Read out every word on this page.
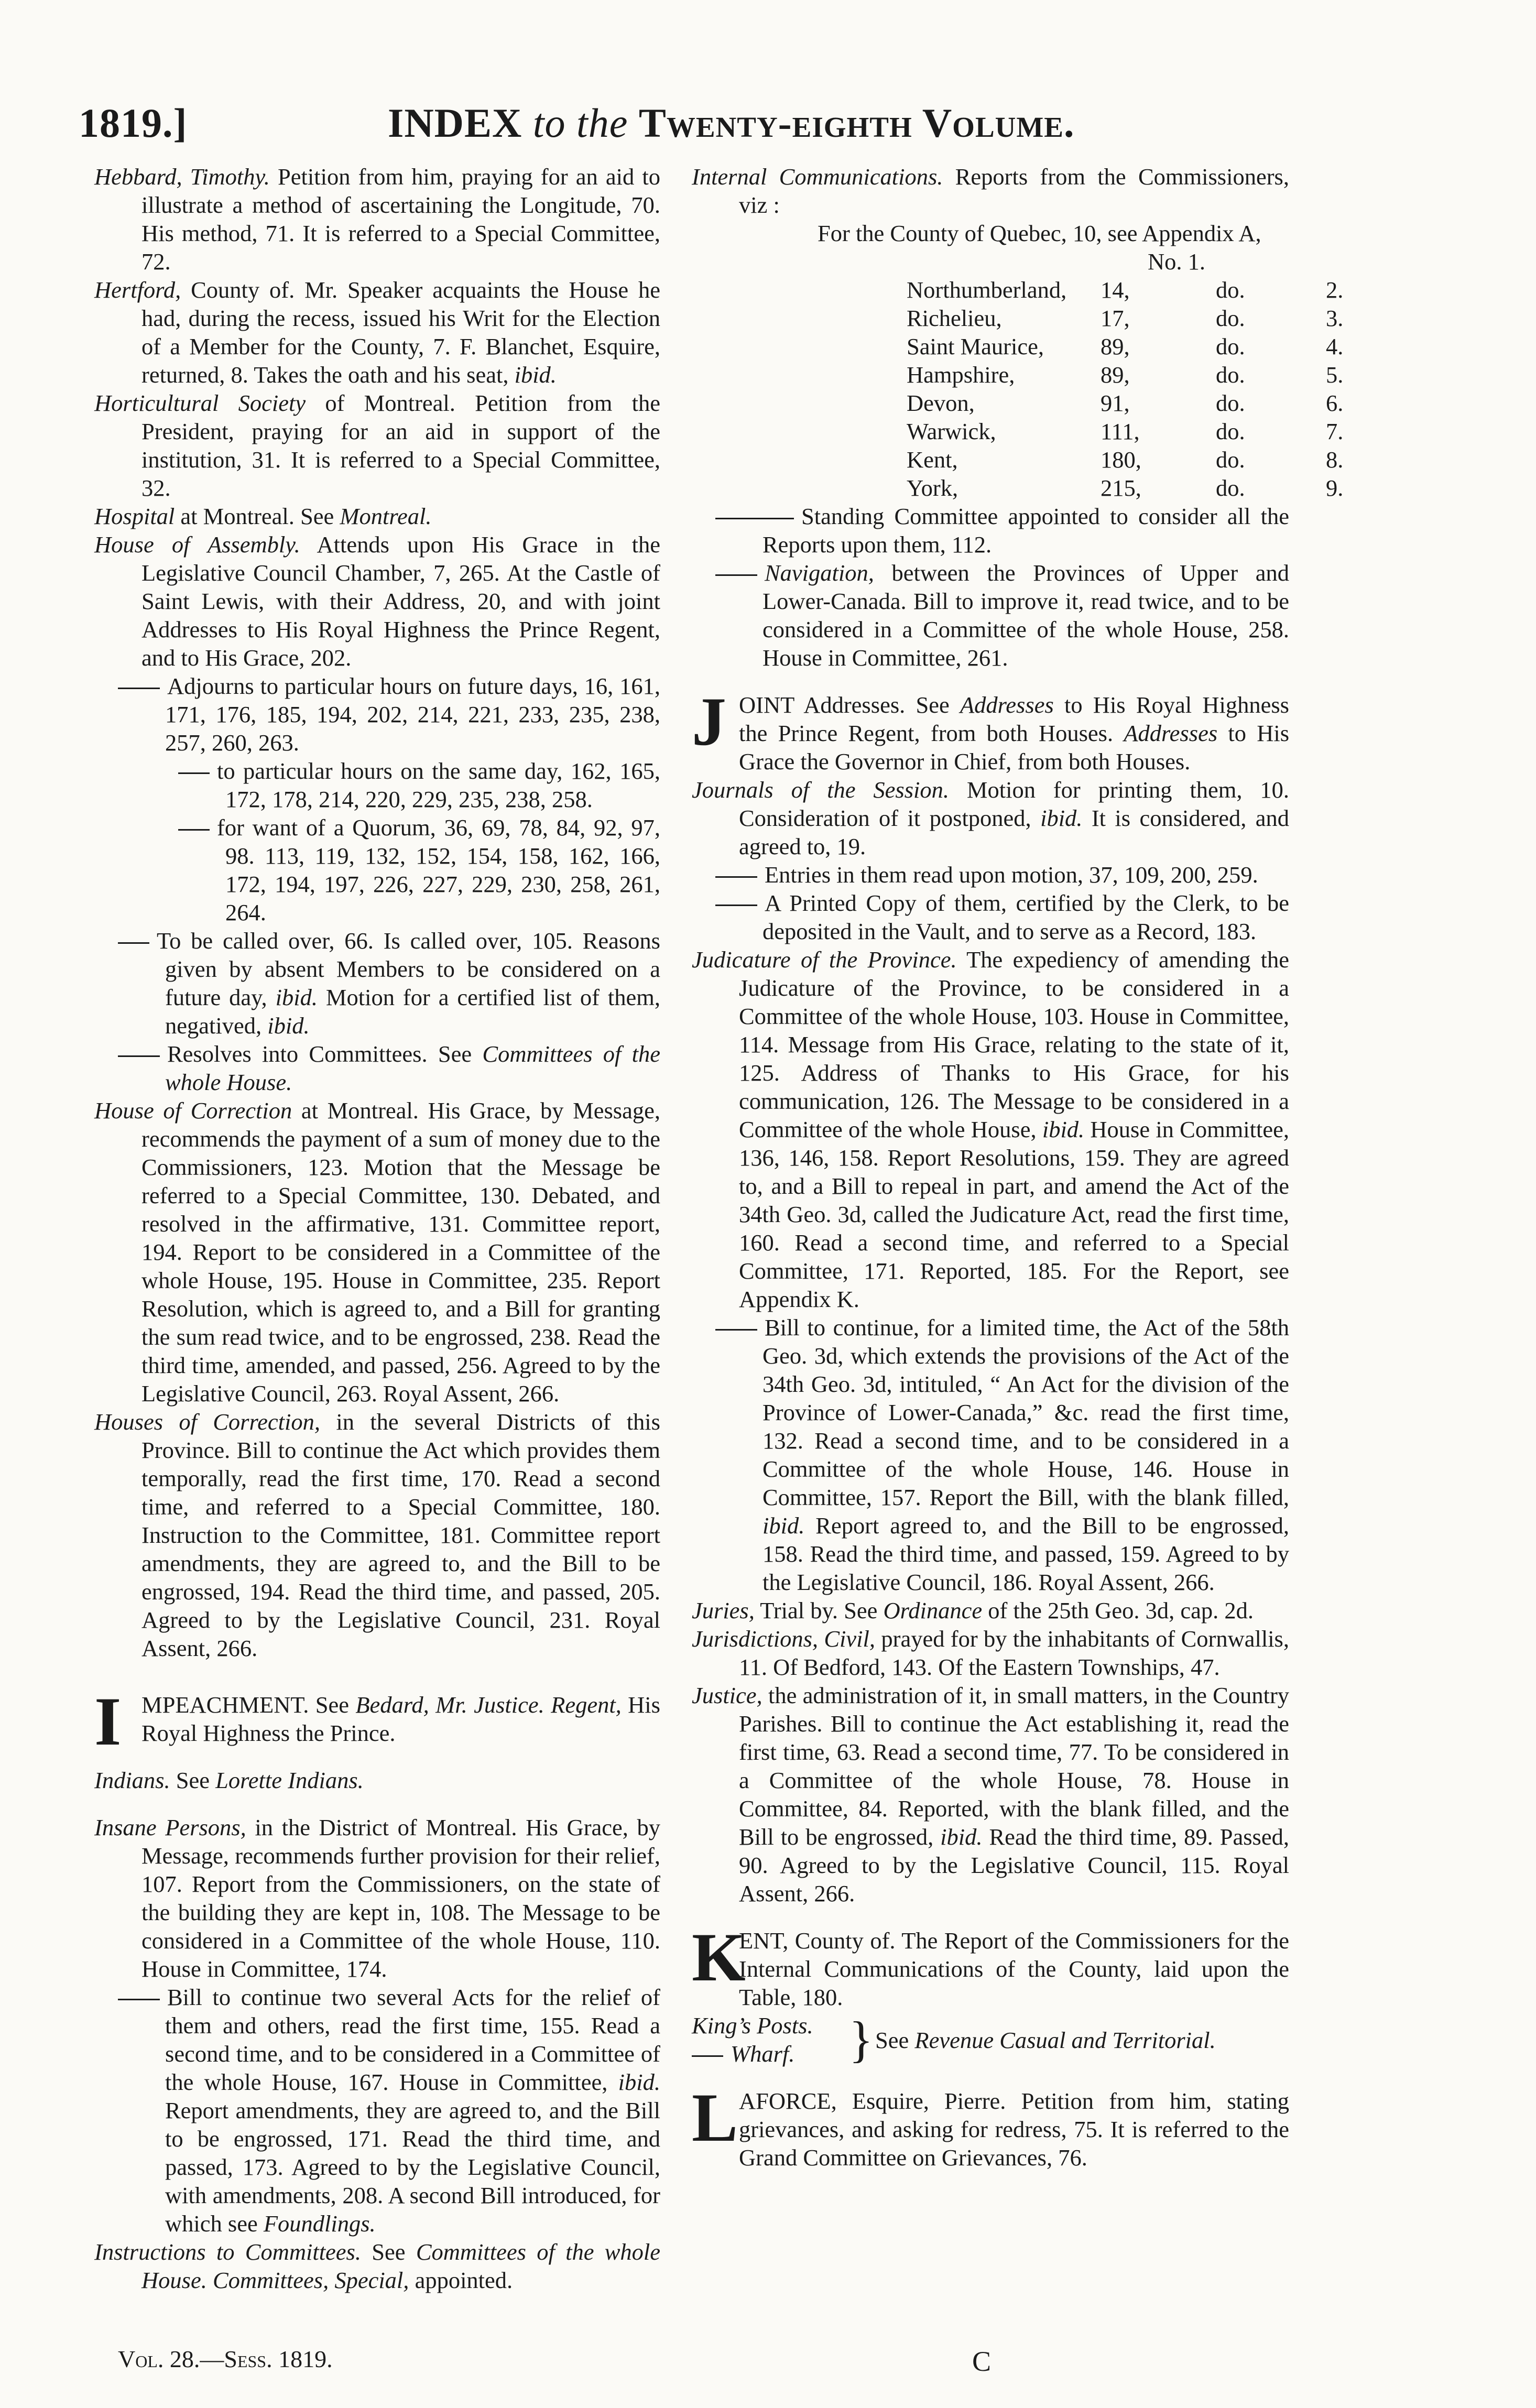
1819.]	INDEX to the Twenty-eighth Volume.
Hebbard, Timothy. Petition from him, praying for an aid to illustrate a method of ascertaining the Longitude, 70. His method, 71. It is referred to a Special Committee, 72.
Hertford, County of. Mr. Speaker acquaints the House he had, during the recess, issued his Writ for the Election of a Member for the County, 7. F. Blanchet, Esquire, returned, 8. Takes the oath and his seat, ibid.
Horticultural Society of Montreal. Petition from the President, praying for an aid in support of the institution, 31. It is referred to a Special Committee, 32.
Hospital at Montreal. See Montreal.
House of Assembly. Attends upon His Grace in the Legislative Council Chamber, 7, 265. At the Castle of Saint Lewis, with their Address, 20, and with joint Addresses to His Royal Highness the Prince Regent, and to His Grace, 202.
Adjourns to particular hours on future days, 16, 161, 171, 176, 185, 194, 202, 214, 221, 233, 235, 238, 257, 260, 263.
to particular hours on the same day, 162, 165, 172, 178, 214, 220, 229, 235, 238, 258.
for want of a Quorum, 36, 69, 78, 84, 92, 97, 98. 113, 119, 132, 152, 154, 158, 162, 166, 172, 194, 197, 226, 227, 229, 230, 258, 261, 264.
To be called over, 66. Is called over, 105. Reasons given by absent Members to be considered on a future day, ibid. Motion for a certified list of them, negatived, ibid.
Resolves into Committees. See Committees of the whole House.
House of Correction at Montreal. His Grace, by Message, recommends the payment of a sum of money due to the Commissioners, 123. Motion that the Message be referred to a Special Committee, 130. Debated, and resolved in the affirmative, 131. Committee report, 194. Report to be considered in a Committee of the whole House, 195. House in Committee, 235. Report Resolution, which is agreed to, and a Bill for granting the sum read twice, and to be engrossed, 238. Read the third time, amended, and passed, 256. Agreed to by the Legislative Council, 263. Royal Assent, 266.
Houses of Correction, in the several Districts of this Province. Bill to continue the Act which provides them temporally, read the first time, 170. Read a second time, and referred to a Special Committee, 180. Instruction to the Committee, 181. Committee report amendments, they are agreed to, and the Bill to be engrossed, 194. Read the third time, and passed, 205. Agreed to by the Legislative Council, 231. Royal Assent, 266.
I MPEACHMENT. See Bedard, Mr. Justice. Regent, His Royal Highness the Prince.
Indians. See Lorette Indians.
Insane Persons, in the District of Montreal. His Grace, by Message, recommends further provision for their relief, 107. Report from the Commissioners, on the state of the building they are kept in, 108. The Message to be considered in a Committee of the whole House, 110. House in Committee, 174.
Bill to continue two several Acts for the relief of them and others, read the first time, 155. Read a second time, and to be considered in a Committee of the whole House, 167. House in Committee, ibid. Report amendments, they are agreed to, and the Bill to be engrossed, 171. Read the third time, and passed, 173. Agreed to by the Legislative Council, with amendments, 208. A second Bill introduced, for which see Foundlings.
Instructions to Committees. See Committees of the whole House. Committees, Special, appointed.
Internal Communications. Reports from the Commissioners, viz :
For the County of Quebec, 10, see Appendix A,
No. 1.
Northumberland, 14,	do.	2.
Richelieu,	17,	do.	3.
Saint Maurice, 89,	do.	4.
Hampshire,	89,	do.	5.
Devon,	91,	do.	6.
Warwick,	111,	do.	7.
Kent,	180,	do.	8.
York,	215,	do.	9.
Standing Committee appointed to consider all the Reports upon them, 112.
Navigation, between the Provinces of Upper and Lower-Canada. Bill to improve it, read twice, and to be considered in a Committee of the whole House, 258. House in Committee, 261.
J OINT Addresses. See Addresses to His Royal Highness the Prince Regent, from both Houses. Addresses to His Grace the Governor in Chief, from both Houses.
Journals of the Session. Motion for printing them, 10. Consideration of it postponed, ibid. It is considered, and agreed to, 19.
Entries in them read upon motion, 37, 109, 200, 259.
A Printed Copy of them, certified by the Clerk, to be deposited in the Vault, and to serve as a Record, 183.
Judicature of the Province. The expediency of amending the Judicature of the Province, to be considered in a Committee of the whole House, 103. House in Committee, 114. Message from His Grace, relating to the state of it, 125. Address of Thanks to His Grace, for his communication, 126. The Message to be considered in a Committee of the whole House, ibid. House in Committee, 136, 146, 158. Report Resolutions, 159. They are agreed to, and a Bill to repeal in part, and amend the Act of the 34th Geo. 3d, called the Judicature Act, read the first time, 160. Read a second time, and referred to a Special Committee, 171. Reported, 185. For the Report, see Appendix K.
Bill to continue, for a limited time, the Act of the 58th Geo. 3d, which extends the provisions of the Act of the 34th Geo. 3d, intituled, “ An Act for the division of the Province of Lower-Canada,” &c. read the first time, 132. Read a second time, and to be considered in a Committee of the whole House, 146. House in Committee, 157. Report the Bill, with the blank filled, ibid. Report agreed to, and the Bill to be engrossed, 158. Read the third time, and passed, 159. Agreed to by the Legislative Council, 186. Royal Assent, 266.
Juries, Trial by. See Ordinance of the 25th Geo. 3d, cap. 2d.
Jurisdictions, Civil, prayed for by the inhabitants of Cornwallis, 11. Of Bedford, 143. Of the Eastern Townships, 47.
Justice, the administration of it, in small matters, in the Country Parishes. Bill to continue the Act establishing it, read the first time, 63. Read a second time, 77. To be considered in a Committee of the whole House, 78. House in Committee, 84. Reported, with the blank filled, and the Bill to be engrossed, ibid. Read the third time, 89. Passed, 90. Agreed to by the Legislative Council, 115. Royal Assent, 266.
K
ENT, County of. The Report of the Commissioners for the Internal Communications of the County, laid upon the Table, 180.
King’s Posts.
Wharf. } See Revenue Casual and Territorial.
L AFORCE, Esquire, Pierre. Petition from him, stating grievances, and asking for redress, 75. It is referred to the Grand Committee on Grievances, 76.
Vol. 28.—Sess. 1819.	C
